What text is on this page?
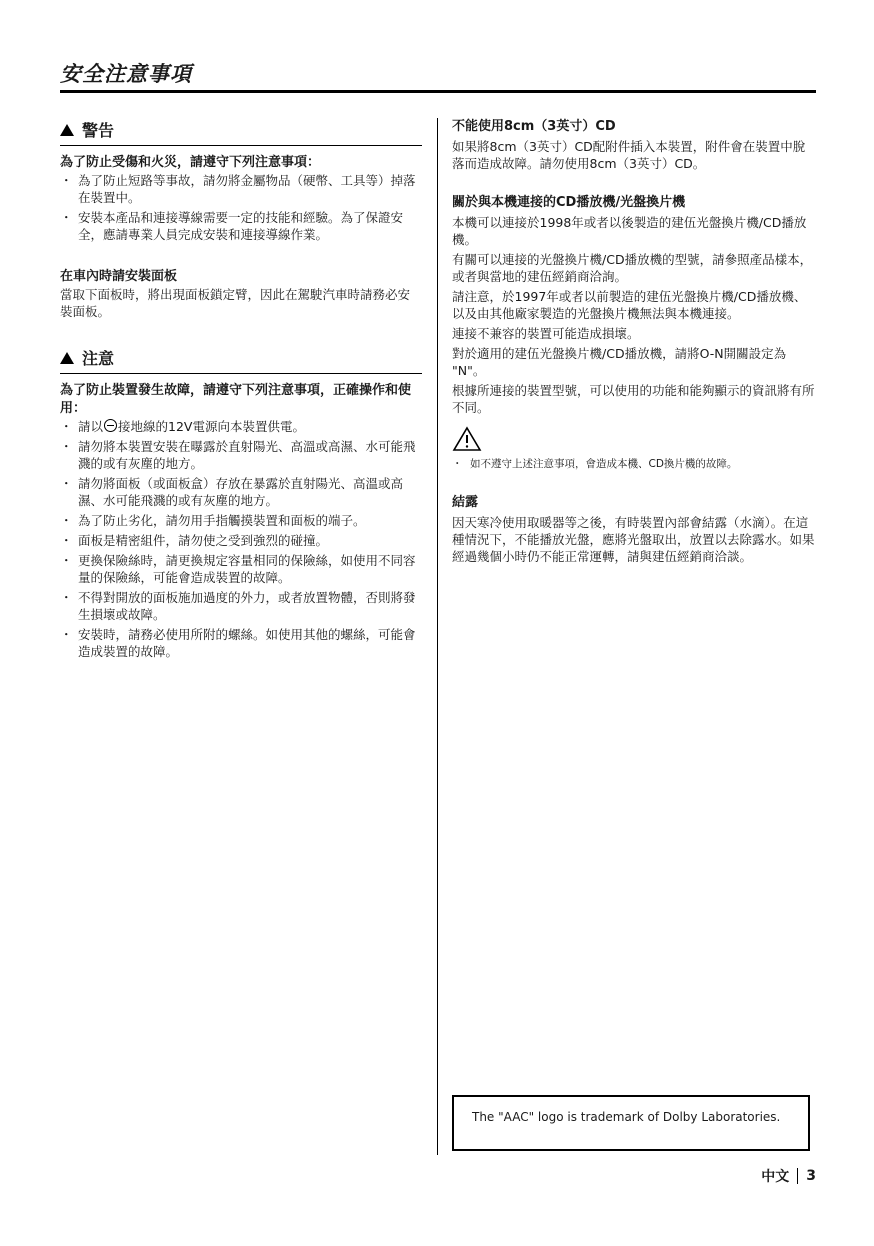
安全注意事項
警告

為了防止受傷和火災，請遵守下列注意事項：

・ 為了防止短路等事故，請勿將金屬物品（硬幣、工具等）掉落在裝置中。
・ 安裝本產品和連接導線需要一定的技能和經驗。為了保證安全，應請專業人員完成安裝和連接導線作業。

在車內時請安裝面板

當取下面板時，將出現面板鎖定臂，因此在駕駛汽車時請務必安裝面板。

注意

為了防止裝置發生故障，請遵守下列注意事項，正確操作和使用：

・ 請以 接地線的12V電源向本裝置供電。
・ 請勿將本裝置安裝在曝露於直射陽光、高溫或高濕、水可能飛濺的或有灰塵的地方。
・ 請勿將面板（或面板盒）存放在暴露於直射陽光、高溫或高濕、水可能飛濺的或有灰塵的地方。
・ 為了防止劣化，請勿用手指觸摸裝置和面板的端子。
・ 面板是精密組件，請勿使之受到強烈的碰撞。
・ 更換保險絲時，請更換規定容量相同的保險絲，如使用不同容量的保險絲，可能會造成裝置的故障。
・ 不得對開放的面板施加過度的外力，或者放置物體，否則將發生損壞或故障。
・ 安裝時，請務必使用所附的螺絲。如使用其他的螺絲，可能會造成裝置的故障。

不能使用8cm（3英寸）CD

如果將8cm（3英寸）CD配附件插入本裝置，附件會在裝置中脫落而造成故障。請勿使用8cm（3英寸）CD。

關於與本機連接的CD播放機/光盤換片機

本機可以連接於1998年或者以後製造的建伍光盤換片機/CD播放機。

有關可以連接的光盤換片機/CD播放機的型號，請參照產品樣本，或者與當地的建伍經銷商洽詢。

請注意，於1997年或者以前製造的建伍光盤換片機/CD播放機、以及由其他廠家製造的光盤換片機無法與本機連接。

連接不兼容的裝置可能造成損壞。

對於適用的建伍光盤換片機/CD播放機，請將O-N開關設定為 "N"。

根據所連接的裝置型號，可以使用的功能和能夠顯示的資訊將有所不同。

・ 如不遵守上述注意事項，會造成本機、CD換片機的故障。

結露

因天寒冷使用取暖器等之後，有時裝置內部會結露（水滴）。在這種情況下，不能播放光盤，應將光盤取出，放置以去除露水。如果經過幾個小時仍不能正常運轉，請與建伍經銷商洽談。

The "AAC" logo is trademark of Dolby Laboratories.
中文 3
